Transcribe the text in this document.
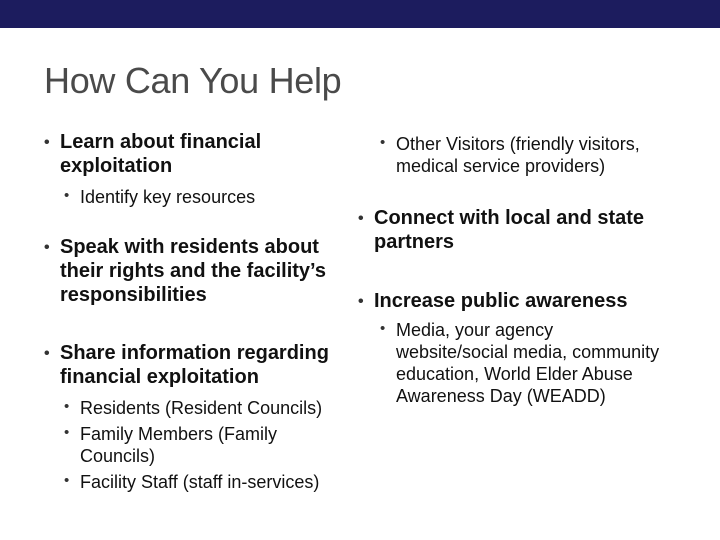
How Can You Help
• Learn about financial exploitation
• Identify key resources
• Speak with residents about their rights and the facility’s responsibilities
• Share information regarding financial exploitation
• Residents (Resident Councils)
• Family Members (Family Councils)
• Facility Staff (staff in-services)
• Other Visitors (friendly visitors, medical service providers)
• Connect with local and state partners
• Increase public awareness
• Media, your agency website/social media, community education, World Elder Abuse Awareness Day (WEADD)
